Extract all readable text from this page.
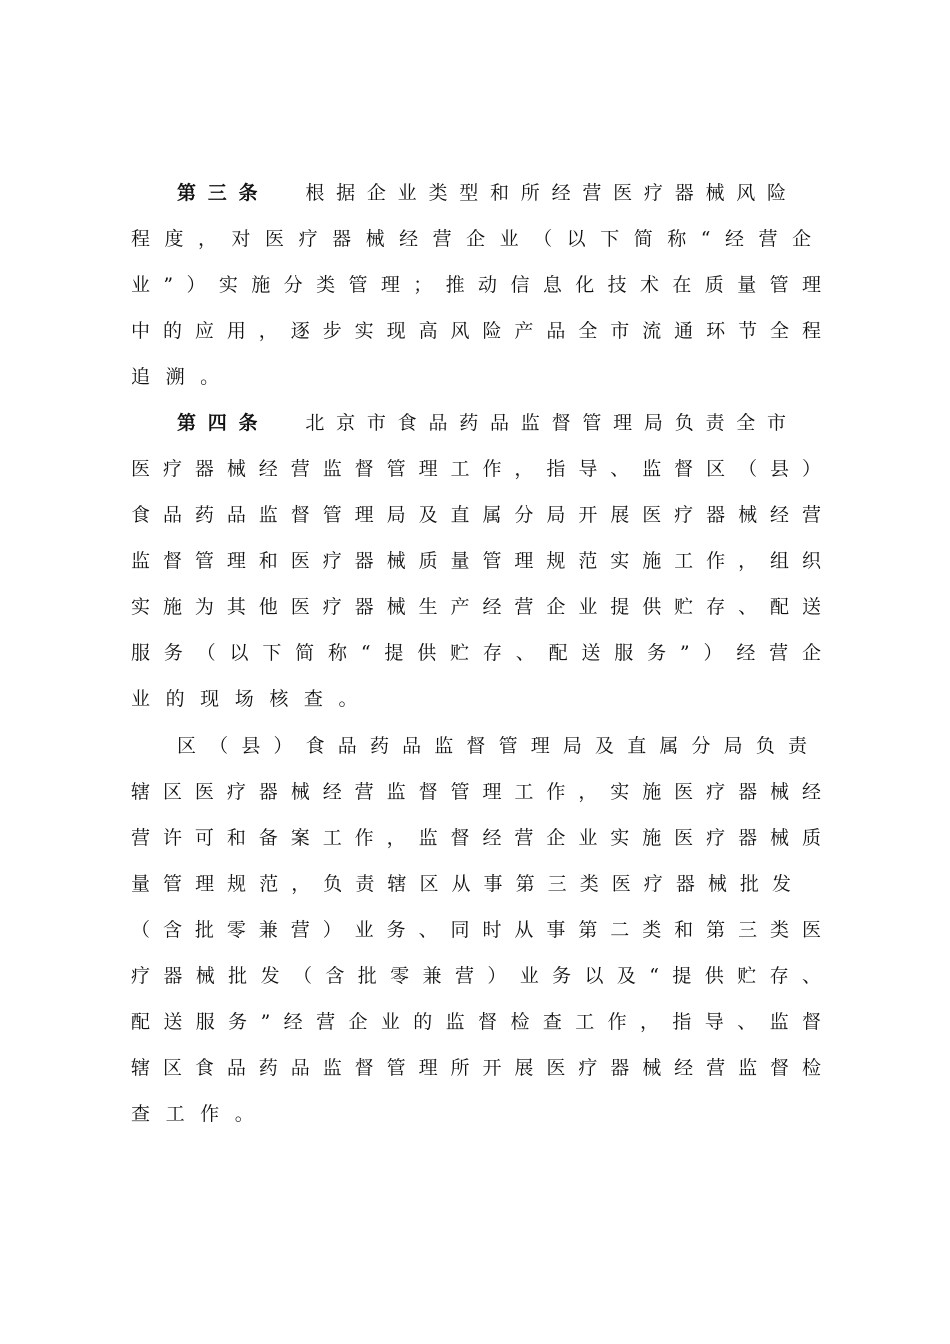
第三条 根据企业类型和所经营医疗器械风险
程度，对医疗器械经营企业（以下简称“经营企
业”）实施分类管理；推动信息化技术在质量管理
中的应用，逐步实现高风险产品全市流通环节全程
追溯。
第四条 北京市食品药品监督管理局负责全市
医疗器械经营监督管理工作，指导、监督区（县）
食品药品监督管理局及直属分局开展医疗器械经营
监督管理和医疗器械质量管理规范实施工作，组织
实施为其他医疗器械生产经营企业提供贮存、配送
服务（以下简称“提供贮存、配送服务”）经营企
业的现场核查。
区（县）食品药品监督管理局及直属分局负责
辖区医疗器械经营监督管理工作，实施医疗器械经
营许可和备案工作，监督经营企业实施医疗器械质
量管理规范，负责辖区从事第三类医疗器械批发
（含批零兼营）业务、同时从事第二类和第三类医
疗器械批发（含批零兼营）业务以及“提供贮存、
配送服务”经营企业的监督检查工作，指导、监督
辖区食品药品监督管理所开展医疗器械经营监督检
查工作。
